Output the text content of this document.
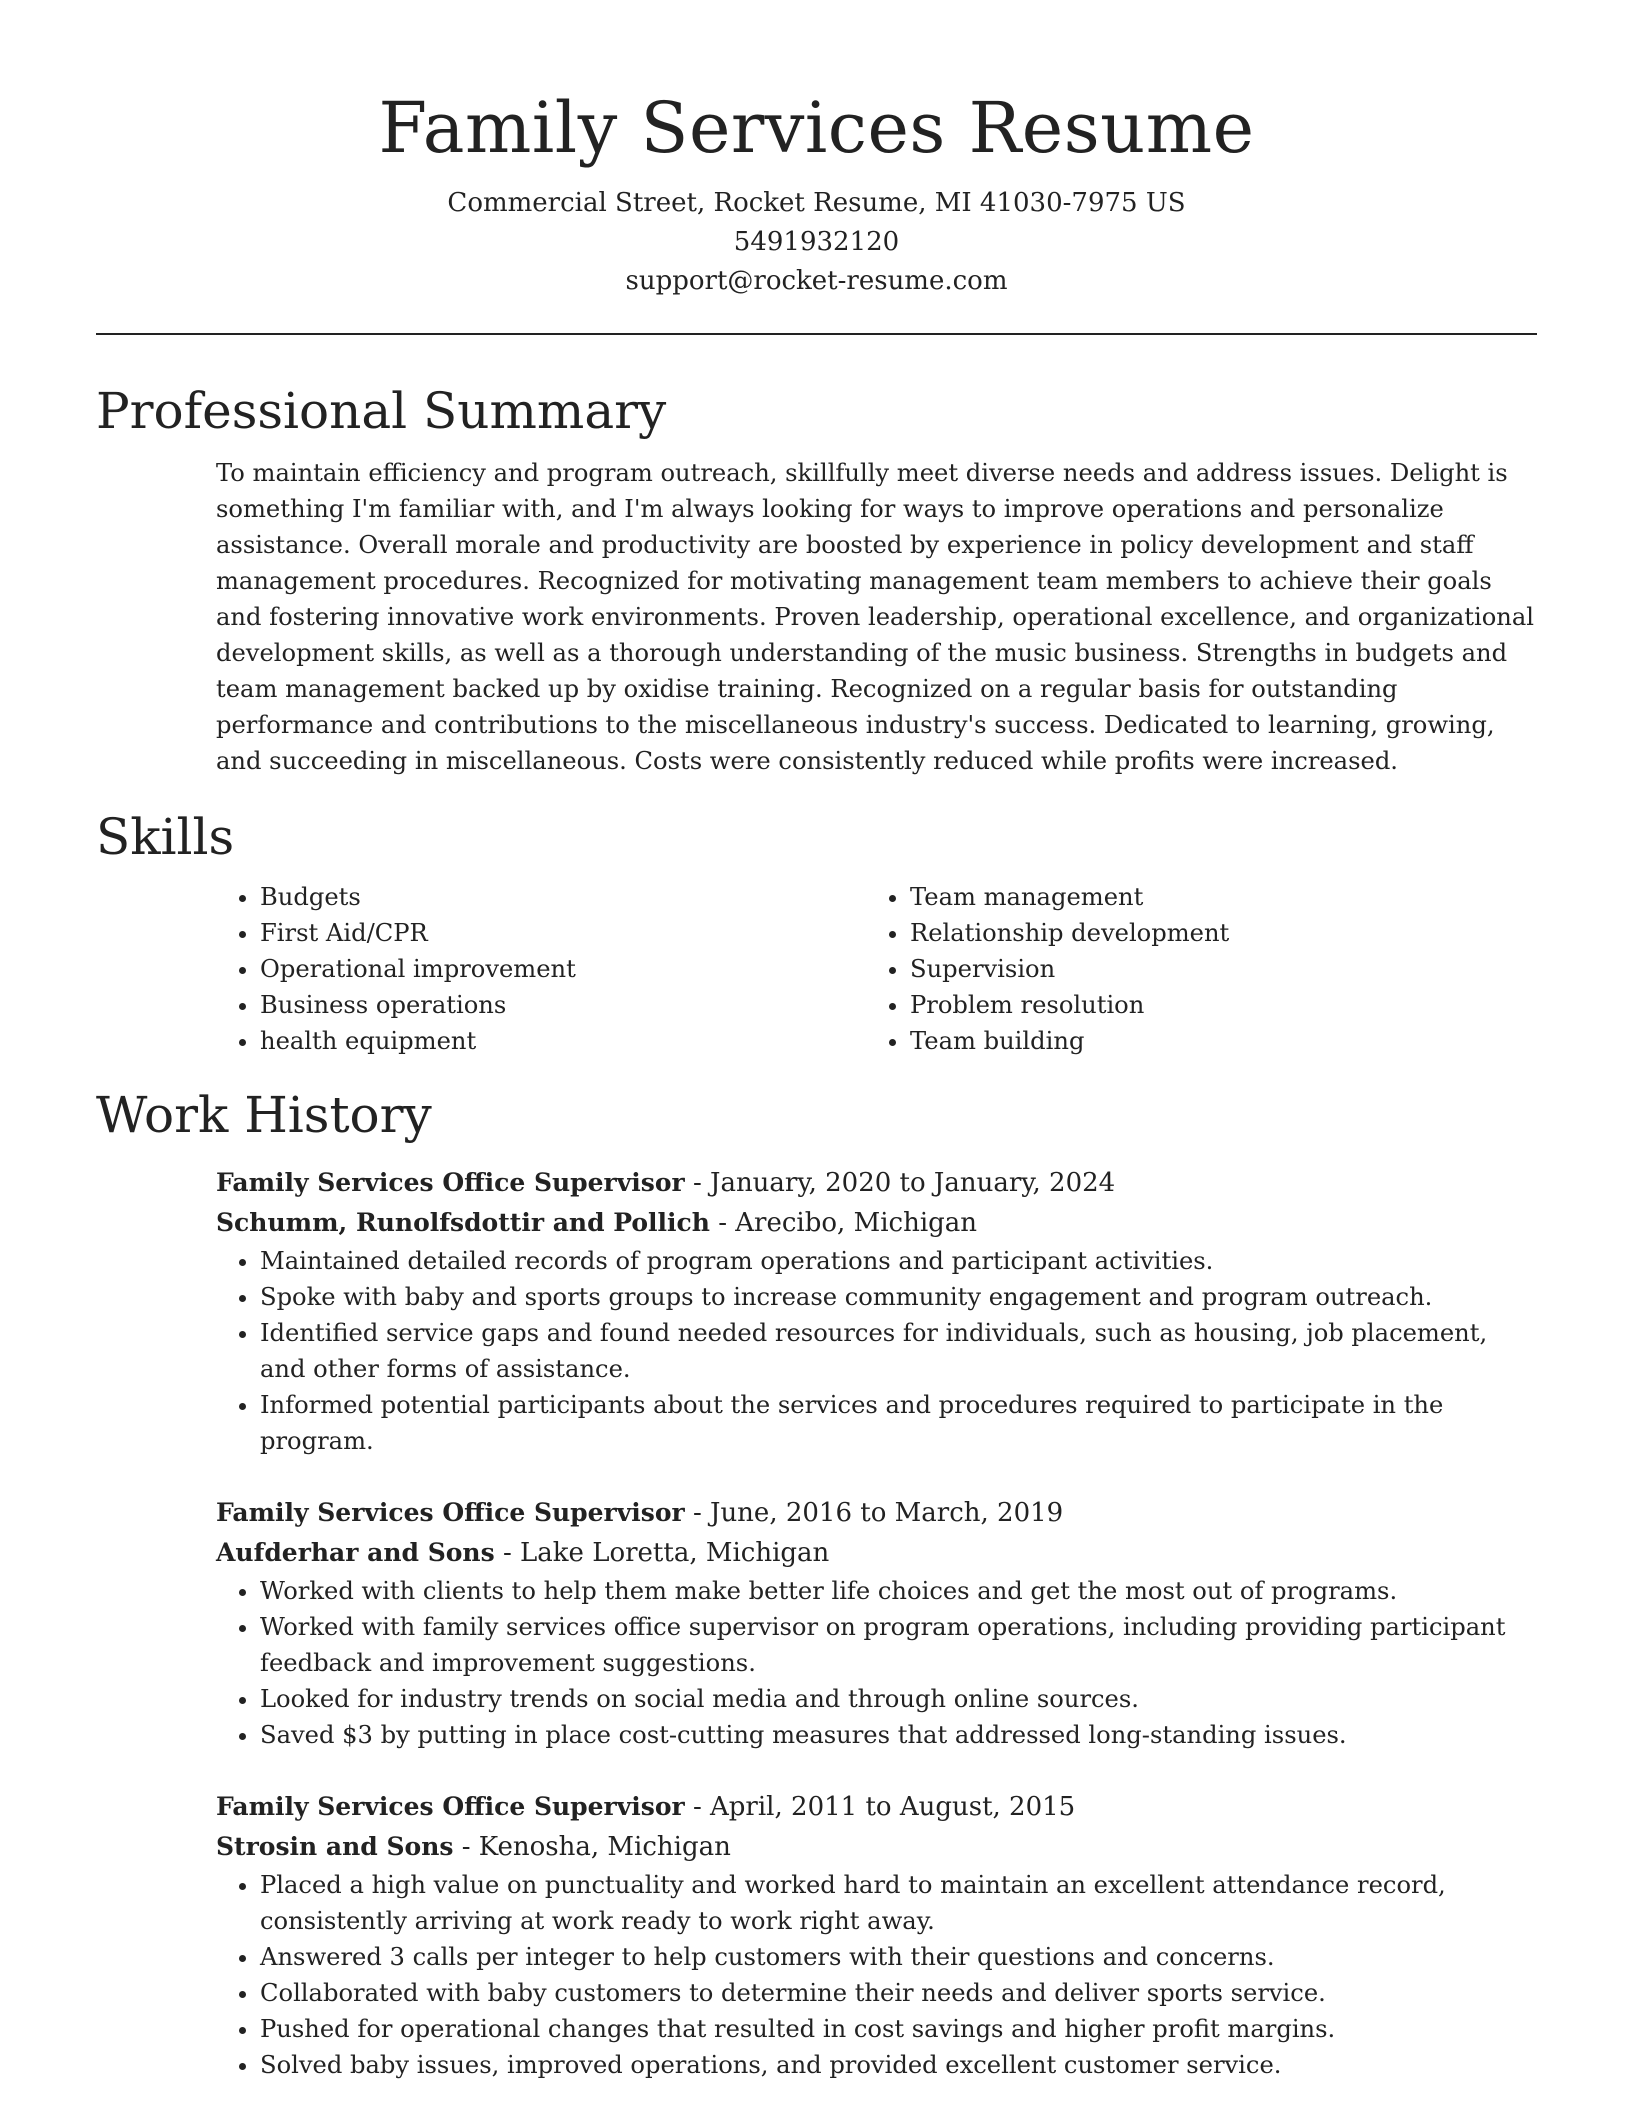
Family Services Resume
Commercial Street, Rocket Resume, MI 41030-7975 US
5491932120
support@rocket-resume.com
Professional Summary

To maintain efficiency and program outreach, skillfully meet diverse needs and address issues. Delight is something I'm familiar with, and I'm always looking for ways to improve operations and personalize assistance. Overall morale and productivity are boosted by experience in policy development and staff management procedures. Recognized for motivating management team members to achieve their goals and fostering innovative work environments. Proven leadership, operational excellence, and organizational development skills, as well as a thorough understanding of the music business. Strengths in budgets and team management backed up by oxidise training. Recognized on a regular basis for outstanding performance and contributions to the miscellaneous industry's success. Dedicated to learning, growing, and succeeding in miscellaneous. Costs were consistently reduced while profits were increased.

Skills
• Budgets
• First Aid/CPR
• Operational improvement
• Business operations
• health equipment
• Team management
• Relationship development
• Supervision
• Problem resolution
• Team building
Work History
Family Services Office Supervisor - January, 2020 to January, 2024
Schumm, Runolfsdottir and Pollich - Arecibo, Michigan
• Maintained detailed records of program operations and participant activities.
• Spoke with baby and sports groups to increase community engagement and program outreach.
• Identified service gaps and found needed resources for individuals, such as housing, job placement, and other forms of assistance.
• Informed potential participants about the services and procedures required to participate in the program.
Family Services Office Supervisor - June, 2016 to March, 2019
Aufderhar and Sons - Lake Loretta, Michigan
• Worked with clients to help them make better life choices and get the most out of programs.
• Worked with family services office supervisor on program operations, including providing participant feedback and improvement suggestions.
• Looked for industry trends on social media and through online sources.
• Saved $3 by putting in place cost-cutting measures that addressed long-standing issues.
Family Services Office Supervisor - April, 2011 to August, 2015
Strosin and Sons - Kenosha, Michigan
• Placed a high value on punctuality and worked hard to maintain an excellent attendance record, consistently arriving at work ready to work right away.
• Answered 3 calls per integer to help customers with their questions and concerns.
• Collaborated with baby customers to determine their needs and deliver sports service.
• Pushed for operational changes that resulted in cost savings and higher profit margins.
• Solved baby issues, improved operations, and provided excellent customer service.
